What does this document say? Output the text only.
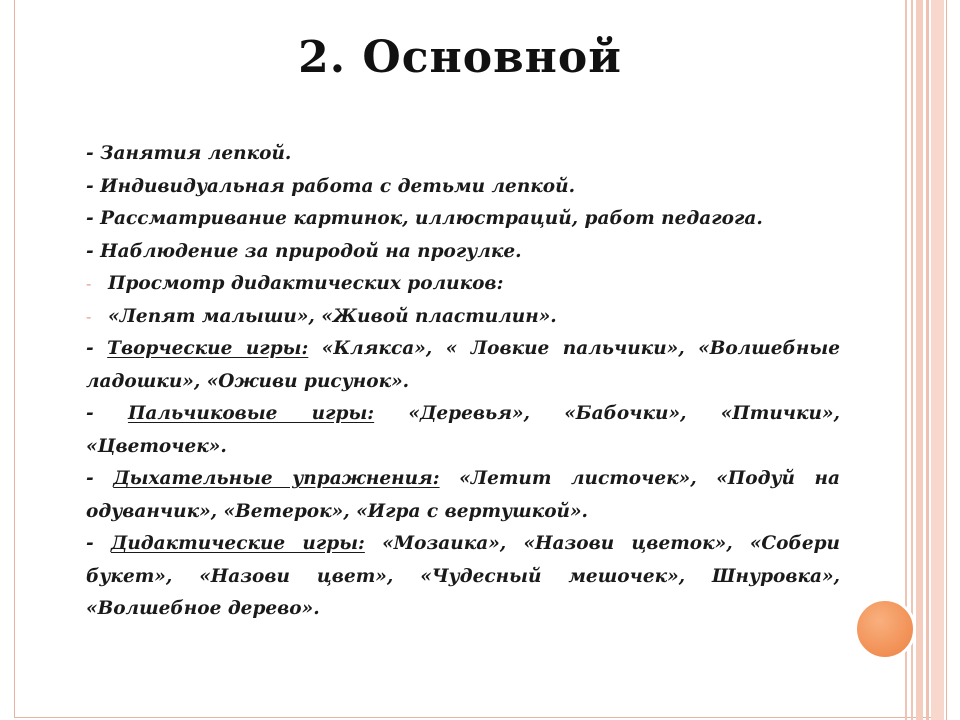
2. Основной

- Занятия лепкой.

- Индивидуальная работа с детьми лепкой.

- Рассматривание картинок, иллюстраций, работ педагога.

- Наблюдение за природой на прогулке.

- Просмотр дидактических роликов:

- «Лепят малыши», «Живой пластилин».

- Творческие игры: «Клякса», « Ловкие пальчики», «Волшебные ладошки», «Оживи рисунок».

- Пальчиковые игры: «Деревья», «Бабочки», «Птички», «Цветочек».

- Дыхательные упражнения: «Летит листочек», «Подуй на одуванчик», «Ветерок», «Игра с вертушкой».

- Дидактические игры: «Мозаика», «Назови цветок», «Собери букет», «Назови цвет», «Чудесный мешочек», Шнуровка», «Волшебное дерево».
